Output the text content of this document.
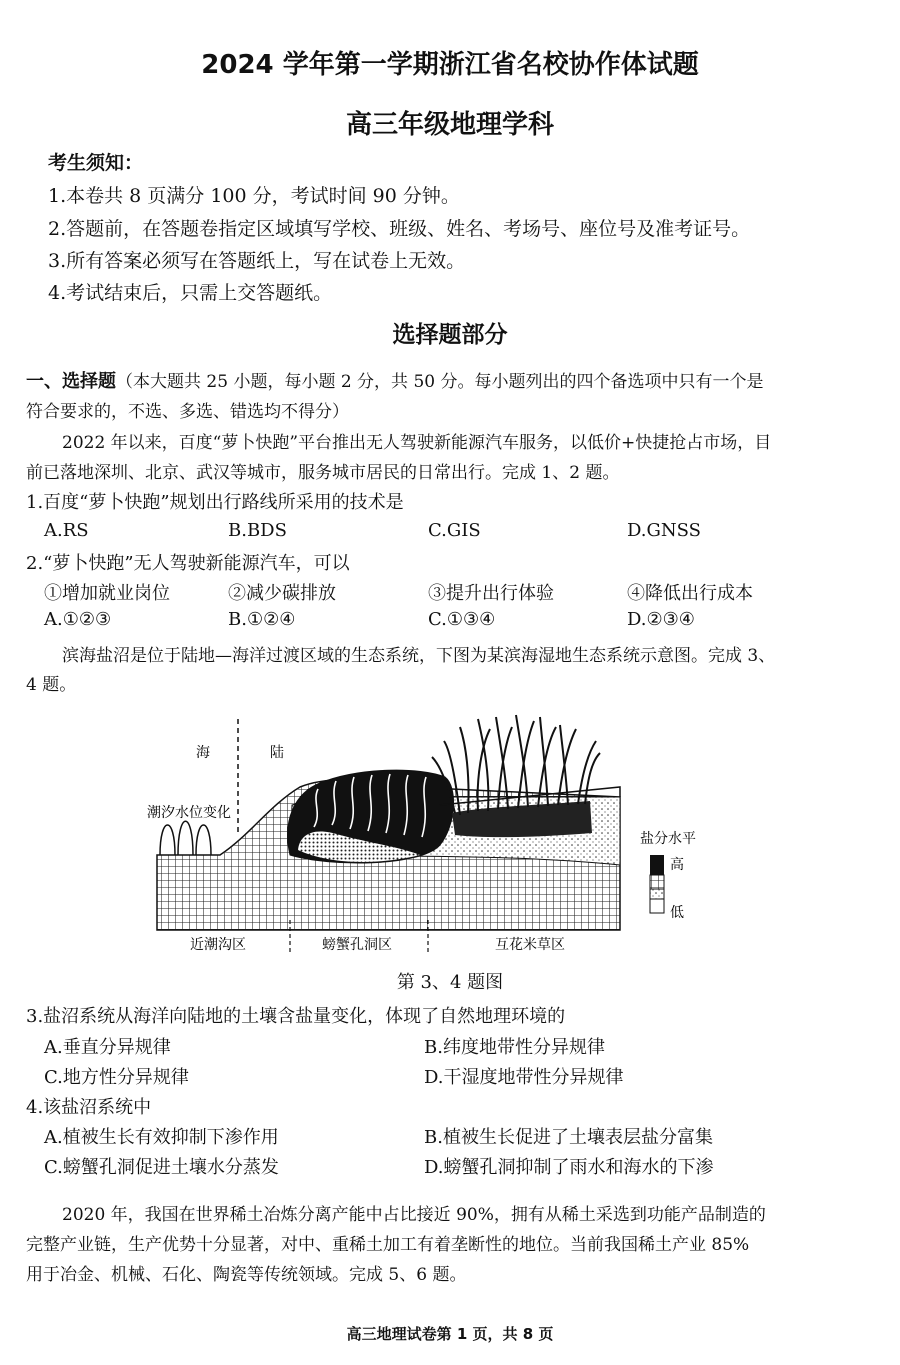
2024 学年第一学期浙江省名校协作体试题
高三年级地理学科
考生须知：
1.本卷共 8 页满分 100 分，考试时间 90 分钟。
2.答题前，在答题卷指定区域填写学校、班级、姓名、考场号、座位号及准考证号。
3.所有答案必须写在答题纸上，写在试卷上无效。
4.考试结束后，只需上交答题纸。
选择题部分
一、选择题（本大题共 25 小题，每小题 2 分，共 50 分。每小题列出的四个备选项中只有一个是
符合要求的，不选、多选、错选均不得分）
2022 年以来，百度“萝卜快跑”平台推出无人驾驶新能源汽车服务，以低价+快捷抢占市场，目
前已落地深圳、北京、武汉等城市，服务城市居民的日常出行。完成 1、2 题。
1.百度“萝卜快跑”规划出行路线所采用的技术是
A.RS	B.BDS	C.GIS	D.GNSS
2.“萝卜快跑”无人驾驶新能源汽车，可以
①增加就业岗位	②减少碳排放	③提升出行体验	④降低出行成本
A.①②③	B.①②④	C.①③④	D.②③④
滨海盐沼是位于陆地—海洋过渡区域的生态系统，下图为某滨海湿地生态系统示意图。完成 3、
4 题。
海	陆
潮汐水位变化
盐分水平
高
低
近潮沟区	螃蟹孔洞区	互花米草区
第 3、4 题图
3.盐沼系统从海洋向陆地的土壤含盐量变化，体现了自然地理环境的
A.垂直分异规律	B.纬度地带性分异规律
C.地方性分异规律	D.干湿度地带性分异规律
4.该盐沼系统中
A.植被生长有效抑制下渗作用	B.植被生长促进了土壤表层盐分富集
C.螃蟹孔洞促进土壤水分蒸发	D.螃蟹孔洞抑制了雨水和海水的下渗
2020 年，我国在世界稀土冶炼分离产能中占比接近 90%，拥有从稀土采选到功能产品制造的
完整产业链，生产优势十分显著，对中、重稀土加工有着垄断性的地位。当前我国稀土产业 85%
用于冶金、机械、石化、陶瓷等传统领域。完成 5、6 题。
高三地理试卷第 1 页，共 8 页
